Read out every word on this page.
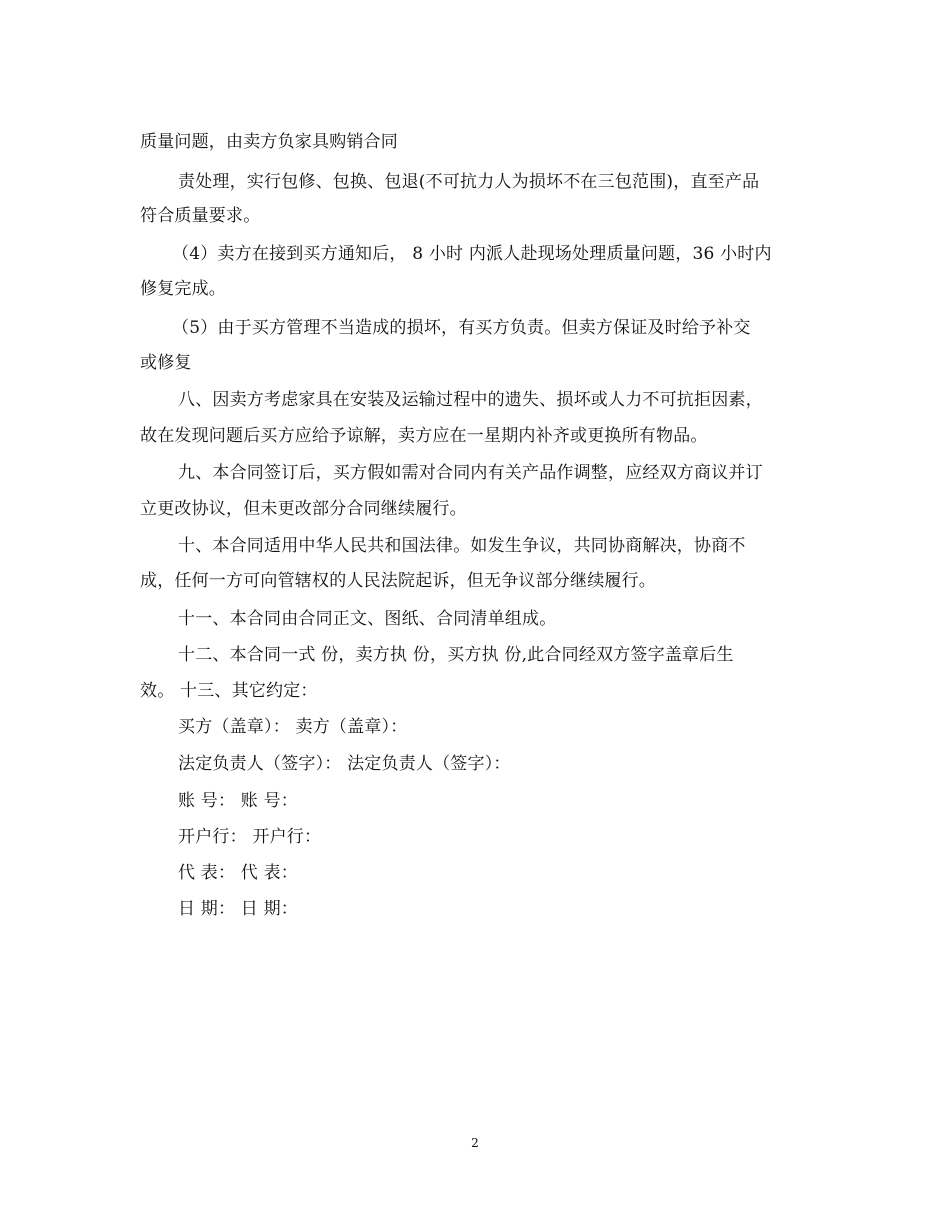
质量问题，由卖方负家具购销合同
责处理，实行包修、包换、包退(不可抗力人为损坏不在三包范围)，直至产品
符合质量要求。
（4）卖方在接到买方通知后， 8 小时 内派人赴现场处理质量问题，36 小时内
修复完成。
（5）由于买方管理不当造成的损坏，有买方负责。但卖方保证及时给予补交
或修复
八、因卖方考虑家具在安装及运输过程中的遗失、损坏或人力不可抗拒因素，
故在发现问题后买方应给予谅解，卖方应在一星期内补齐或更换所有物品。
九、本合同签订后，买方假如需对合同内有关产品作调整，应经双方商议并订
立更改协议，但未更改部分合同继续履行。
十、本合同适用中华人民共和国法律。如发生争议，共同协商解决，协商不
成，任何一方可向管辖权的人民法院起诉，但无争议部分继续履行。
十一、本合同由合同正文、图纸、合同清单组成。
十二、本合同一式 份，卖方执 份，买方执 份,此合同经双方签字盖章后生
效。 十三、其它约定：
买方（盖章）： 卖方（盖章）：
法定负责人（签字）： 法定负责人（签字）：
账 号： 账 号：
开户行： 开户行：
代 表： 代 表：
日 期： 日 期：
2
